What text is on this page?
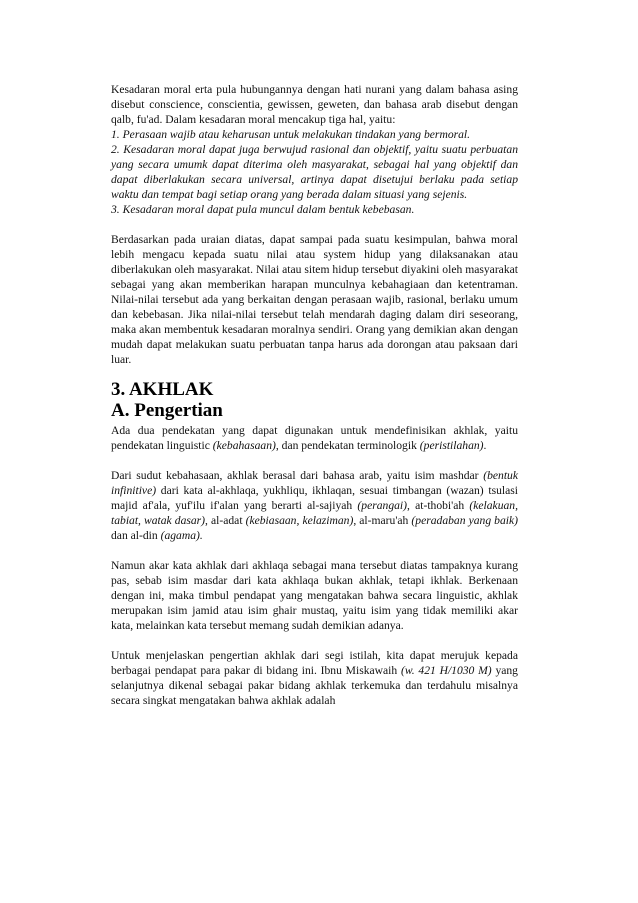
Kesadaran moral erta pula hubungannya dengan hati nurani yang dalam bahasa asing disebut conscience, conscientia, gewissen, geweten, dan bahasa arab disebut dengan qalb, fu'ad. Dalam kesadaran moral mencakup tiga hal, yaitu:

1. Perasaan wajib atau keharusan untuk melakukan tindakan yang bermoral.

2. Kesadaran moral dapat juga berwujud rasional dan objektif, yaitu suatu perbuatan yang secara umumk dapat diterima oleh masyarakat, sebagai hal yang objektif dan dapat diberlakukan secara universal, artinya dapat disetujui berlaku pada setiap waktu dan tempat bagi setiap orang yang berada dalam situasi yang sejenis.

3. Kesadaran moral dapat pula muncul dalam bentuk kebebasan.

Berdasarkan pada uraian diatas, dapat sampai pada suatu kesimpulan, bahwa moral lebih mengacu kepada suatu nilai atau system hidup yang dilaksanakan atau diberlakukan oleh masyarakat. Nilai atau sitem hidup tersebut diyakini oleh masyarakat sebagai yang akan memberikan harapan munculnya kebahagiaan dan ketentraman. Nilai-nilai tersebut ada yang berkaitan dengan perasaan wajib, rasional, berlaku umum dan kebebasan. Jika nilai-nilai tersebut telah mendarah daging dalam diri seseorang, maka akan membentuk kesadaran moralnya sendiri. Orang yang demikian akan dengan mudah dapat melakukan suatu perbuatan tanpa harus ada dorongan atau paksaan dari luar.

3. AKHLAK
A. Pengertian

Ada dua pendekatan yang dapat digunakan untuk mendefinisikan akhlak, yaitu pendekatan linguistic (kebahasaan), dan pendekatan terminologik (peristilahan).

Dari sudut kebahasaan, akhlak berasal dari bahasa arab, yaitu isim mashdar (bentuk infinitive) dari kata al-akhlaqa, yukhliqu, ikhlaqan, sesuai timbangan (wazan) tsulasi majid af'ala, yuf'ilu if'alan yang berarti al-sajiyah (perangai), at-thobi'ah (kelakuan, tabiat, watak dasar), al-adat (kebiasaan, kelaziman), al-maru'ah (peradaban yang baik) dan al-din (agama).

Namun akar kata akhlak dari akhlaqa sebagai mana tersebut diatas tampaknya kurang pas, sebab isim masdar dari kata akhlaqa bukan akhlak, tetapi ikhlak. Berkenaan dengan ini, maka timbul pendapat yang mengatakan bahwa secara linguistic, akhlak merupakan isim jamid atau isim ghair mustaq, yaitu isim yang tidak memiliki akar kata, melainkan kata tersebut memang sudah demikian adanya.

Untuk menjelaskan pengertian akhlak dari segi istilah, kita dapat merujuk kepada berbagai pendapat para pakar di bidang ini. Ibnu Miskawaih (w. 421 H/1030 M) yang selanjutnya dikenal sebagai pakar bidang akhlak terkemuka dan terdahulu misalnya secara singkat mengatakan bahwa akhlak adalah
